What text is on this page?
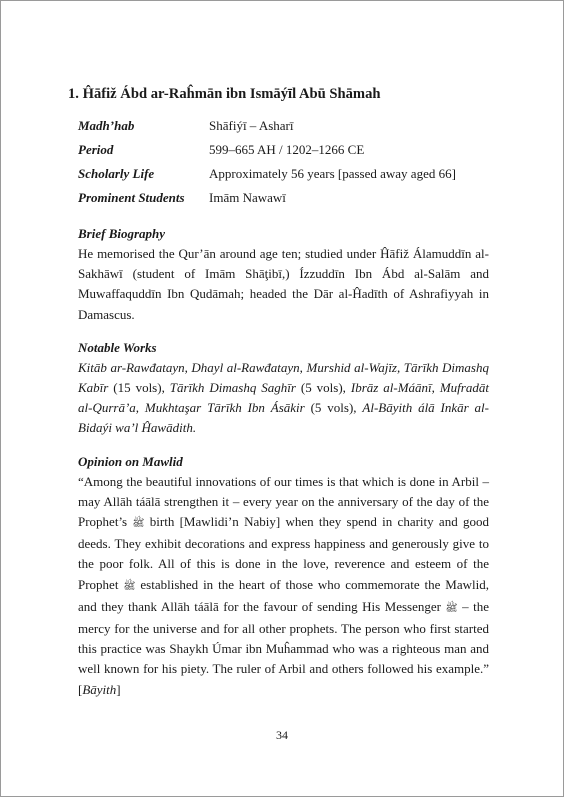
1. Ĥāfiž Ábd ar-Raĥmān ibn Ismāýīl Abū Shāmah
Madh’hab	Shāfiýī – Asharī
Period	599–665 AH / 1202–1266 CE
Scholarly Life	Approximately 56 years [passed away aged 66]
Prominent Students	Imām Nawawī
Brief Biography

He memorised the Qur’ān around age ten; studied under Ĥāfiž Álamuddīn al-Sakhāwī (student of Imām Shāţibī,) Ízzuddīn Ibn Ábd al-Salām and Muwaffaquddīn Ibn Qudāmah; headed the Dār al-Ĥadīth of Ashrafiyyah in Damascus.

Notable Works

Kitāb ar-Rawđatayn, Dhayl al-Rawđatayn, Murshid al-Wajīz, Tārīkh Dimashq Kabīr (15 vols), Tārīkh Dimashq Saghīr (5 vols), Ibrāz al-Máānī, Mufradāt al-Qurrā’a, Mukhtaşar Tārīkh Ibn Ásākir (5 vols), Al-Bāyith álā Inkār al-Bidaýi wa’l Ĥawādith.

Opinion on Mawlid

“Among the beautiful innovations of our times is that which is done in Arbil – may Allāh táālā strengthen it – every year on the anniversary of the day of the Prophet’s ﷺ birth [Mawlidi’n Nabiy] when they spend in charity and good deeds. They exhibit decorations and express happiness and generously give to the poor folk. All of this is done in the love, reverence and esteem of the Prophet ﷺ established in the heart of those who commemorate the Mawlid, and they thank Allāh táālā for the favour of sending His Messenger ﷺ – the mercy for the universe and for all other prophets. The person who first started this practice was Shaykh Úmar ibn Muĥammad who was a righteous man and well known for his piety. The ruler of Arbil and others followed his example.” [Bāyith]

34
